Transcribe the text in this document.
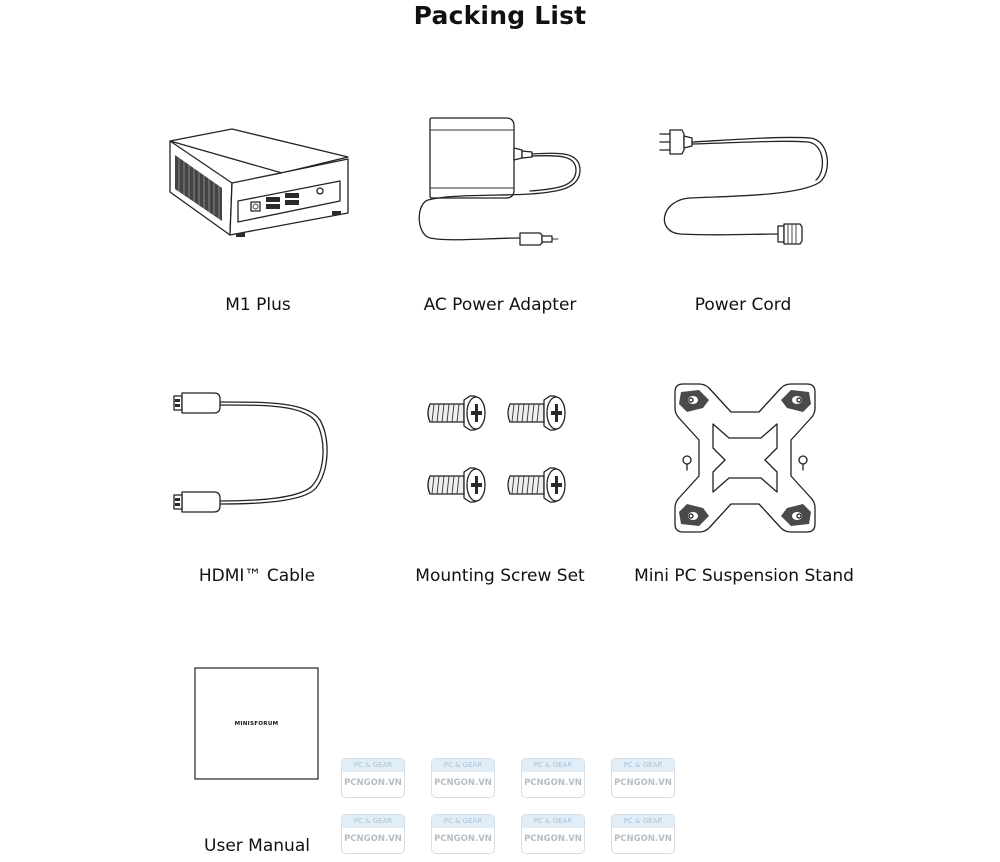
Packing List
M1 Plus	AC Power Adapter	Power Cord
HDMI™ Cable	Mounting Screw Set	Mini PC Suspension Stand
MINISFORUM
User Manual
PC & GEAR
PCNGON.VN
PC & GEAR
PCNGON.VN
PC & GEAR
PCNGON.VN
PC & GEAR
PCNGON.VN
PC & GEAR
PCNGON.VN
PC & GEAR
PCNGON.VN
PC & GEAR
PCNGON.VN
PC & GEAR
PCNGON.VN
